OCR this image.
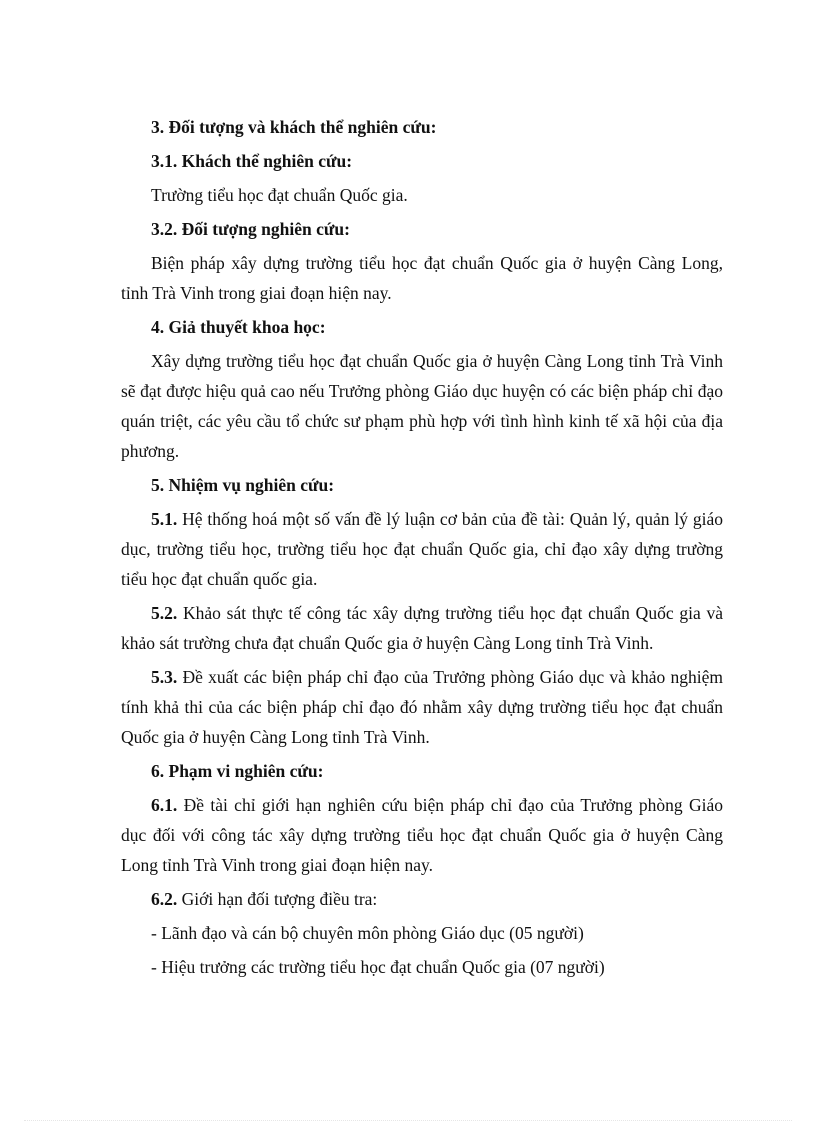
3. Đối tượng và khách thể nghiên cứu:

3.1. Khách thể nghiên cứu:

Trường tiểu học đạt chuẩn Quốc gia.

3.2. Đối tượng nghiên cứu:

Biện pháp xây dựng trường tiểu học đạt chuẩn Quốc gia ở huyện Càng Long, tỉnh Trà Vinh trong giai đoạn hiện nay.

4. Giả thuyết khoa học:

Xây dựng trường tiểu học đạt chuẩn Quốc gia ở huyện Càng Long tỉnh Trà Vinh sẽ đạt được hiệu quả cao nếu Trưởng phòng Giáo dục huyện có các biện pháp chỉ đạo quán triệt, các yêu cầu tổ chức sư phạm phù hợp với tình hình kinh tế xã hội của địa phương.

5. Nhiệm vụ nghiên cứu:

5.1. Hệ thống hoá một số vấn đề lý luận cơ bản của đề tài: Quản lý, quản lý giáo dục, trường tiểu học, trường tiểu học đạt chuẩn Quốc gia, chỉ đạo xây dựng trường tiểu học đạt chuẩn quốc gia.

5.2. Khảo sát thực tế công tác xây dựng trường tiểu học đạt chuẩn Quốc gia và khảo sát trường chưa đạt chuẩn Quốc gia ở huyện Càng Long tỉnh Trà Vinh.

5.3. Đề xuất các biện pháp chỉ đạo của Trưởng phòng Giáo dục và khảo nghiệm tính khả thi của các biện pháp chỉ đạo đó nhằm xây dựng trường tiểu học đạt chuẩn Quốc gia ở huyện Càng Long tỉnh Trà Vinh.

6. Phạm vi nghiên cứu:

6.1. Đề tài chỉ giới hạn nghiên cứu biện pháp chỉ đạo của Trưởng phòng Giáo dục đối với công tác xây dựng trường tiểu học đạt chuẩn Quốc gia ở huyện Càng Long tỉnh Trà Vinh trong giai đoạn hiện nay.

6.2. Giới hạn đối tượng điều tra:

- Lãnh đạo và cán bộ chuyên môn phòng Giáo dục (05 người)

- Hiệu trưởng các trường tiểu học đạt chuẩn Quốc gia (07 người)
